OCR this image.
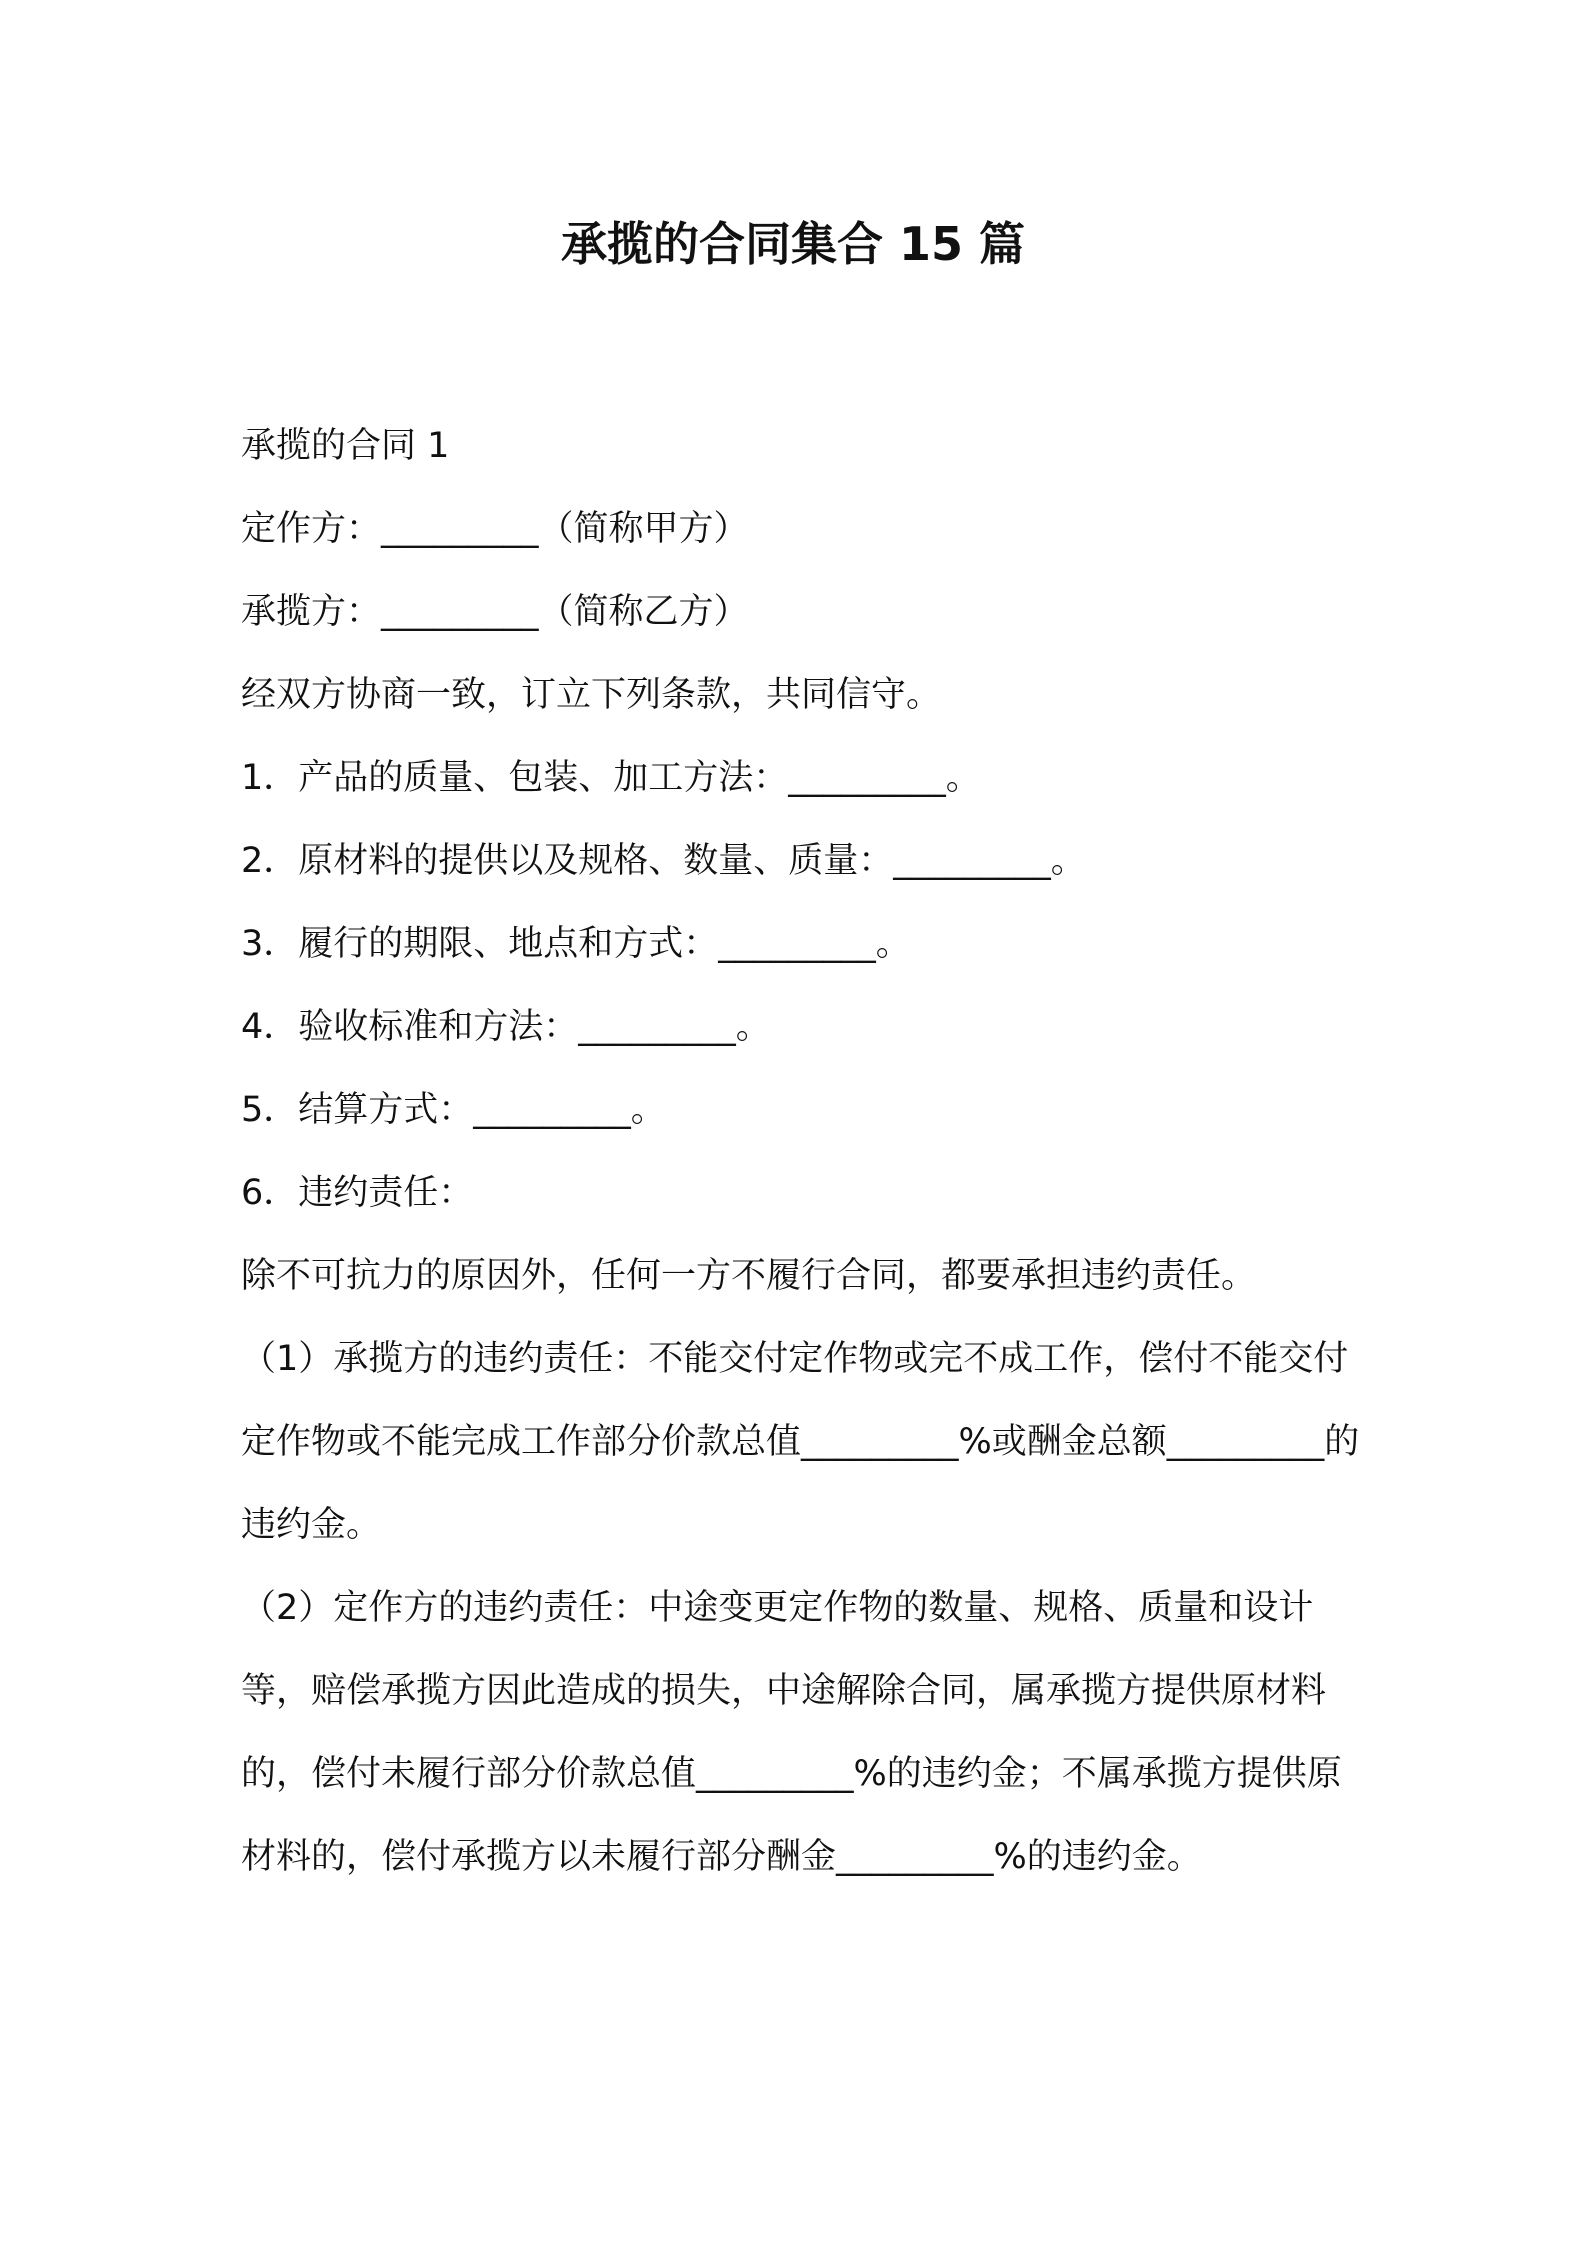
承揽的合同集合 15 篇

承揽的合同 1

定作方：_________（简称甲方）

承揽方：_________（简称乙方）

经双方协商一致，订立下列条款，共同信守。

1．产品的质量、包装、加工方法：_________。

2．原材料的提供以及规格、数量、质量：_________。

3．履行的期限、地点和方式：_________。

4．验收标准和方法：_________。

5．结算方式：_________。

6．违约责任：

除不可抗力的原因外，任何一方不履行合同，都要承担违约责任。

（1）承揽方的违约责任：不能交付定作物或完不成工作，偿付不能交付定作物或不能完成工作部分价款总值_________%或酬金总额_________的违约金。

（2）定作方的违约责任：中途变更定作物的数量、规格、质量和设计等，赔偿承揽方因此造成的损失，中途解除合同，属承揽方提供原材料的，偿付未履行部分价款总值_________%的违约金；不属承揽方提供原材料的，偿付承揽方以未履行部分酬金_________%的违约金。
